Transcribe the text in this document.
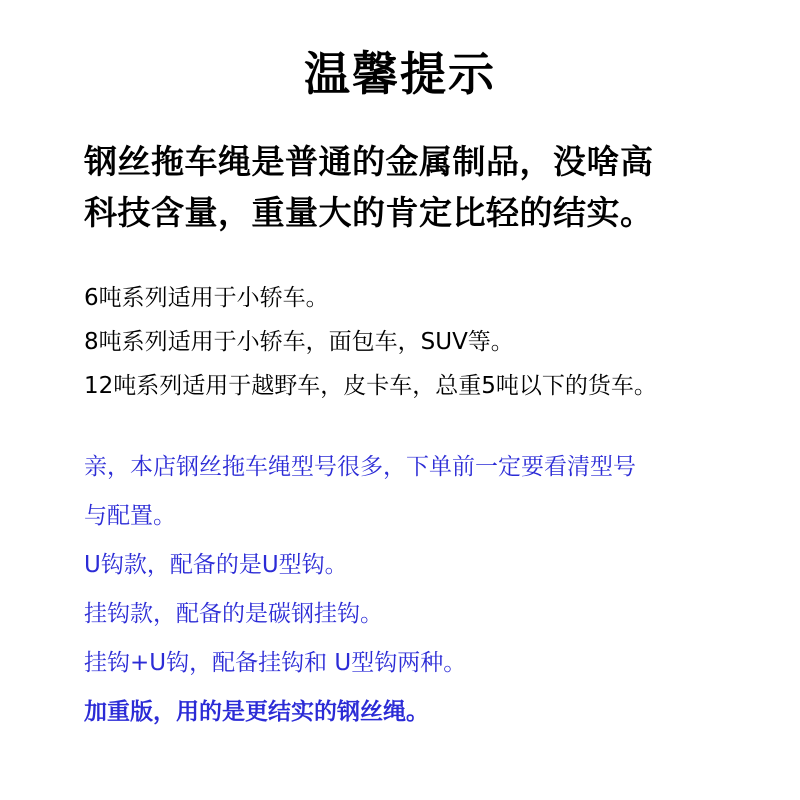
温馨提示
钢丝拖车绳是普通的金属制品，没啥高
科技含量，重量大的肯定比轻的结实。
6吨系列适用于小轿车。
8吨系列适用于小轿车，面包车，SUV等。
12吨系列适用于越野车，皮卡车，总重5吨以下的货车。
亲，本店钢丝拖车绳型号很多，下单前一定要看清型号
与配置。
U钩款，配备的是U型钩。
挂钩款，配备的是碳钢挂钩。
挂钩+U钩，配备挂钩和 U型钩两种。
加重版，用的是更结实的钢丝绳。
